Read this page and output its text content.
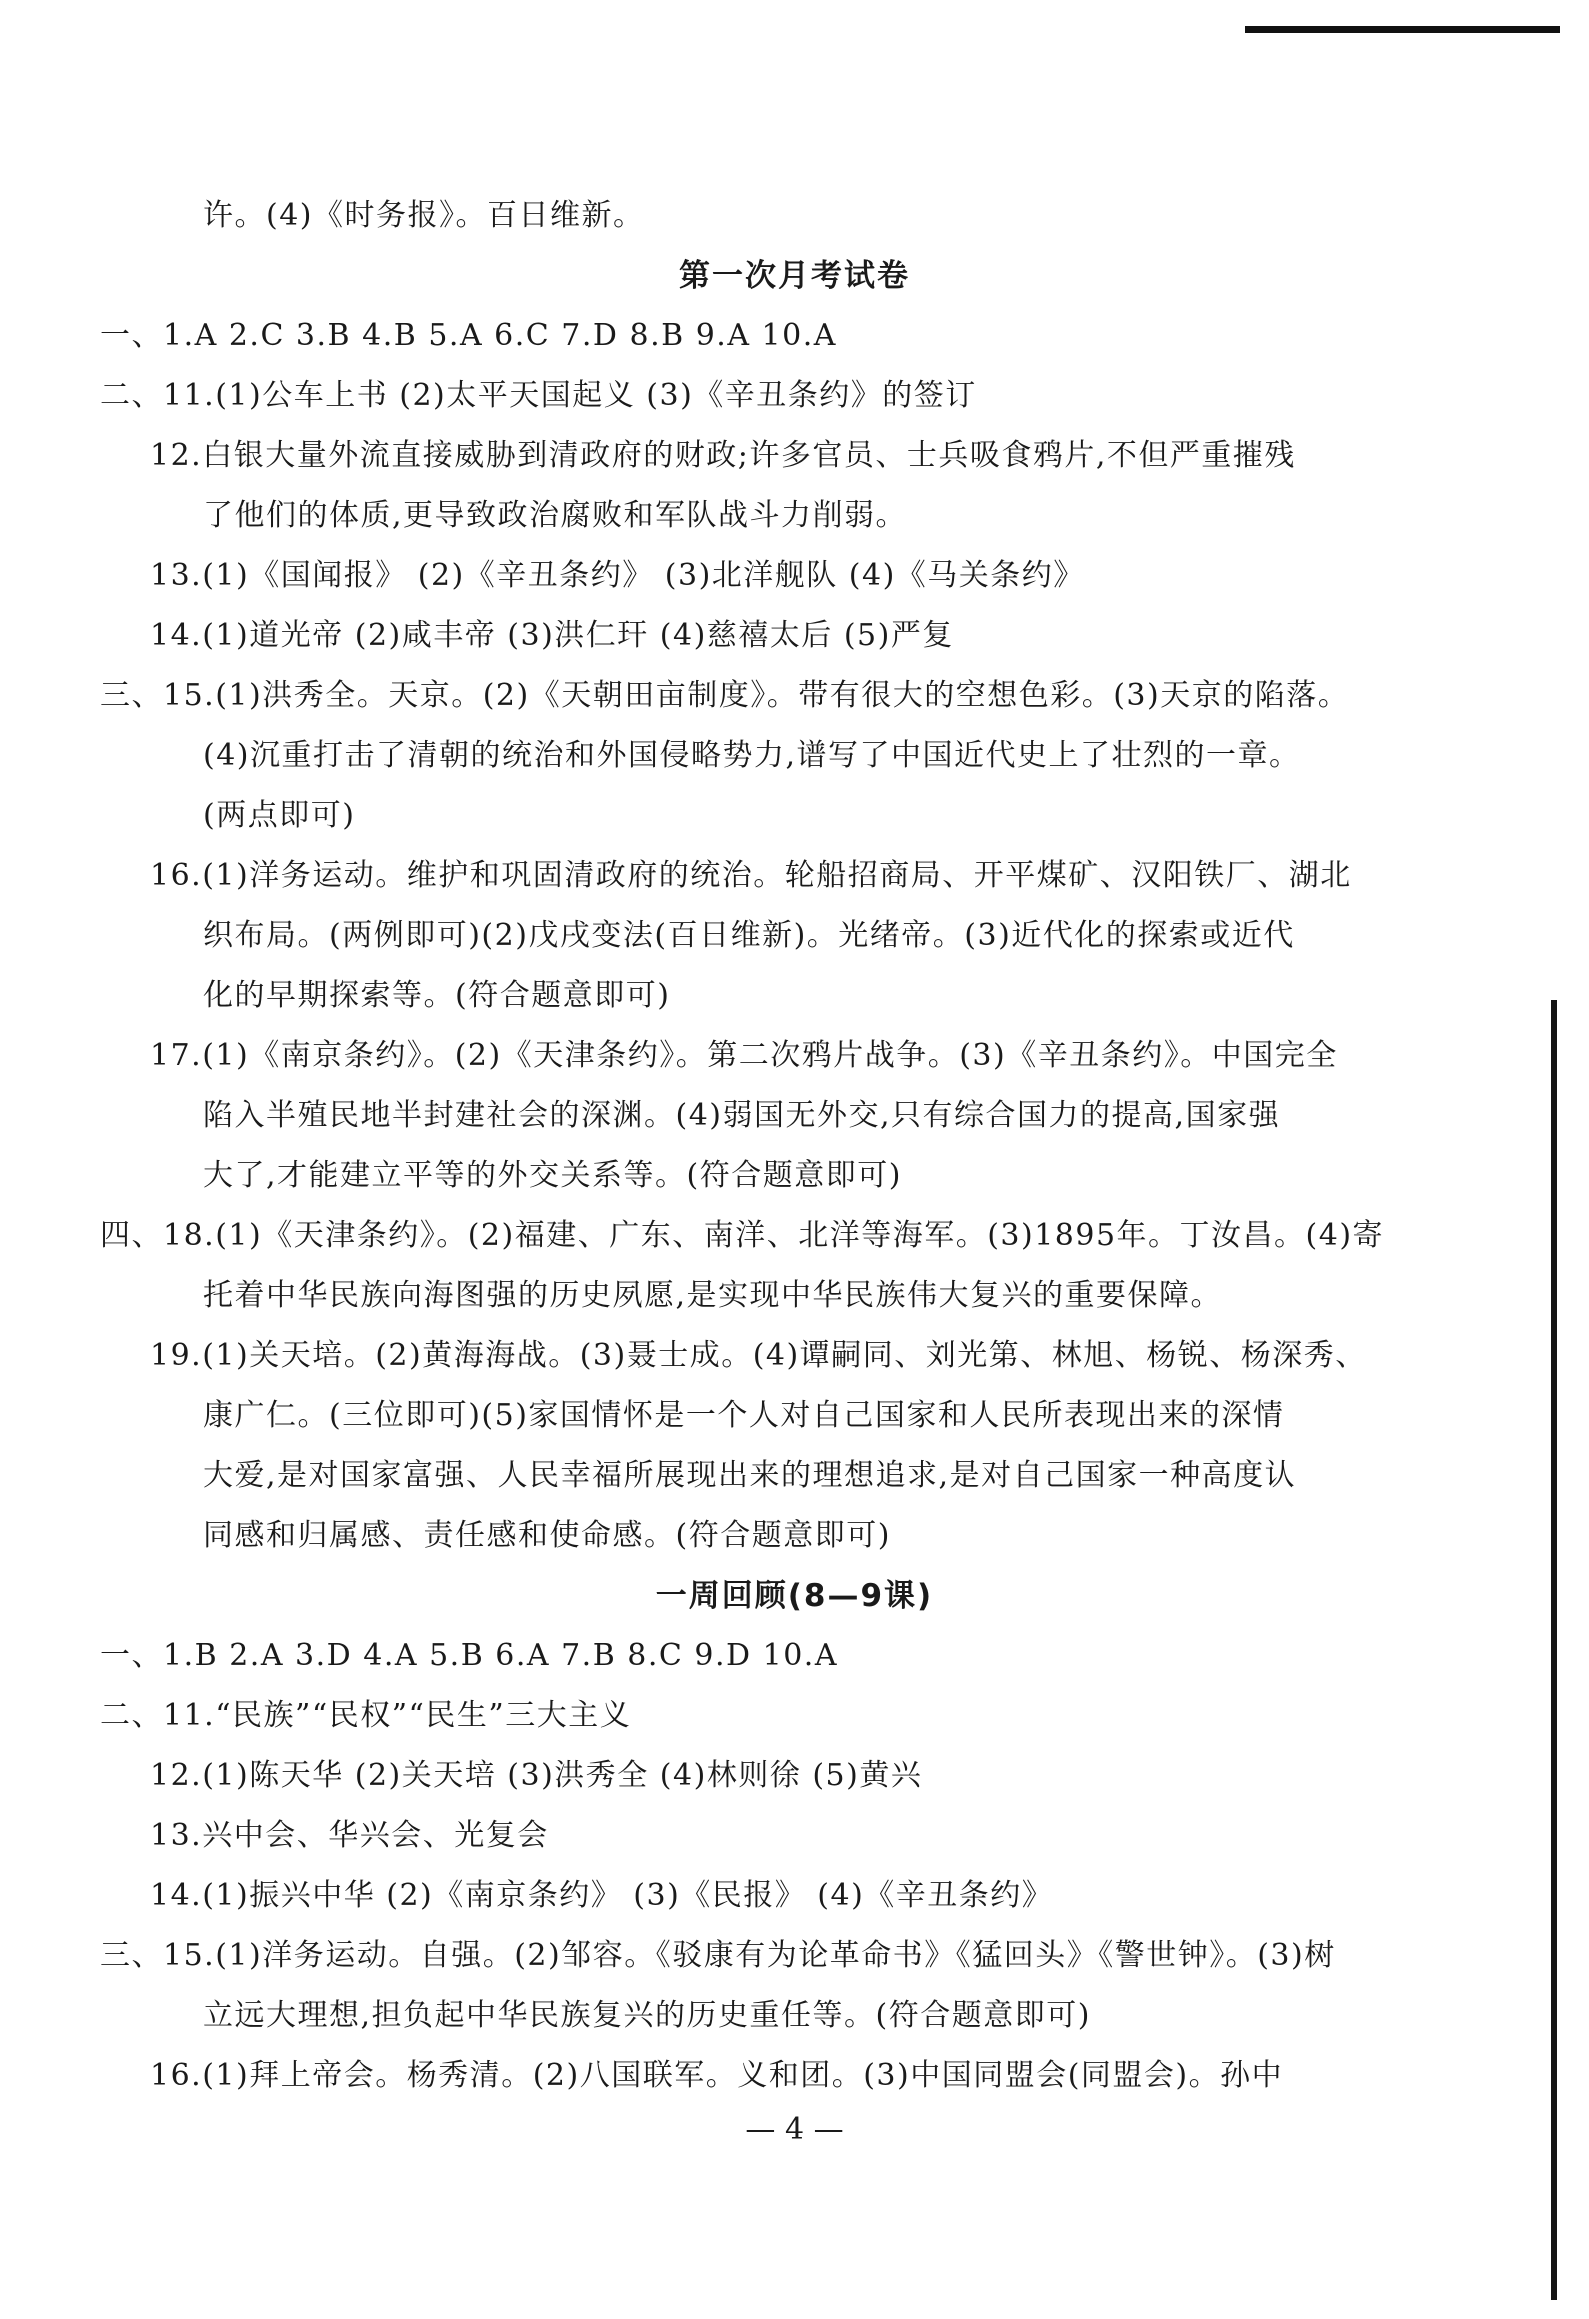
许。(4)《时务报》。百日维新。
第一次月考试卷
一、1.A 2.C 3.B 4.B 5.A 6.C 7.D 8.B 9.A 10.A
二、11.(1)公车上书 (2)太平天国起义 (3)《辛丑条约》的签订
12.白银大量外流直接威胁到清政府的财政;许多官员、士兵吸食鸦片,不但严重摧残
了他们的体质,更导致政治腐败和军队战斗力削弱。
13.(1)《国闻报》 (2)《辛丑条约》 (3)北洋舰队 (4)《马关条约》
14.(1)道光帝 (2)咸丰帝 (3)洪仁玕 (4)慈禧太后 (5)严复
三、15.(1)洪秀全。天京。(2)《天朝田亩制度》。带有很大的空想色彩。(3)天京的陷落。
(4)沉重打击了清朝的统治和外国侵略势力,谱写了中国近代史上了壮烈的一章。
(两点即可)
16.(1)洋务运动。维护和巩固清政府的统治。轮船招商局、开平煤矿、汉阳铁厂、湖北
织布局。(两例即可)(2)戊戌变法(百日维新)。光绪帝。(3)近代化的探索或近代
化的早期探索等。(符合题意即可)
17.(1)《南京条约》。(2)《天津条约》。第二次鸦片战争。(3)《辛丑条约》。中国完全
陷入半殖民地半封建社会的深渊。(4)弱国无外交,只有综合国力的提高,国家强
大了,才能建立平等的外交关系等。(符合题意即可)
四、18.(1)《天津条约》。(2)福建、广东、南洋、北洋等海军。(3)1895年。丁汝昌。(4)寄
托着中华民族向海图强的历史夙愿,是实现中华民族伟大复兴的重要保障。
19.(1)关天培。(2)黄海海战。(3)聂士成。(4)谭嗣同、刘光第、林旭、杨锐、杨深秀、
康广仁。(三位即可)(5)家国情怀是一个人对自己国家和人民所表现出来的深情
大爱,是对国家富强、人民幸福所展现出来的理想追求,是对自己国家一种高度认
同感和归属感、责任感和使命感。(符合题意即可)
一周回顾(8—9课)
一、1.B 2.A 3.D 4.A 5.B 6.A 7.B 8.C 9.D 10.A
二、11.“民族”“民权”“民生”三大主义
12.(1)陈天华 (2)关天培 (3)洪秀全 (4)林则徐 (5)黄兴
13.兴中会、华兴会、光复会
14.(1)振兴中华 (2)《南京条约》 (3)《民报》 (4)《辛丑条约》
三、15.(1)洋务运动。自强。(2)邹容。《驳康有为论革命书》《猛回头》《警世钟》。(3)树
立远大理想,担负起中华民族复兴的历史重任等。(符合题意即可)
16.(1)拜上帝会。杨秀清。(2)八国联军。义和团。(3)中国同盟会(同盟会)。孙中
— 4 —
